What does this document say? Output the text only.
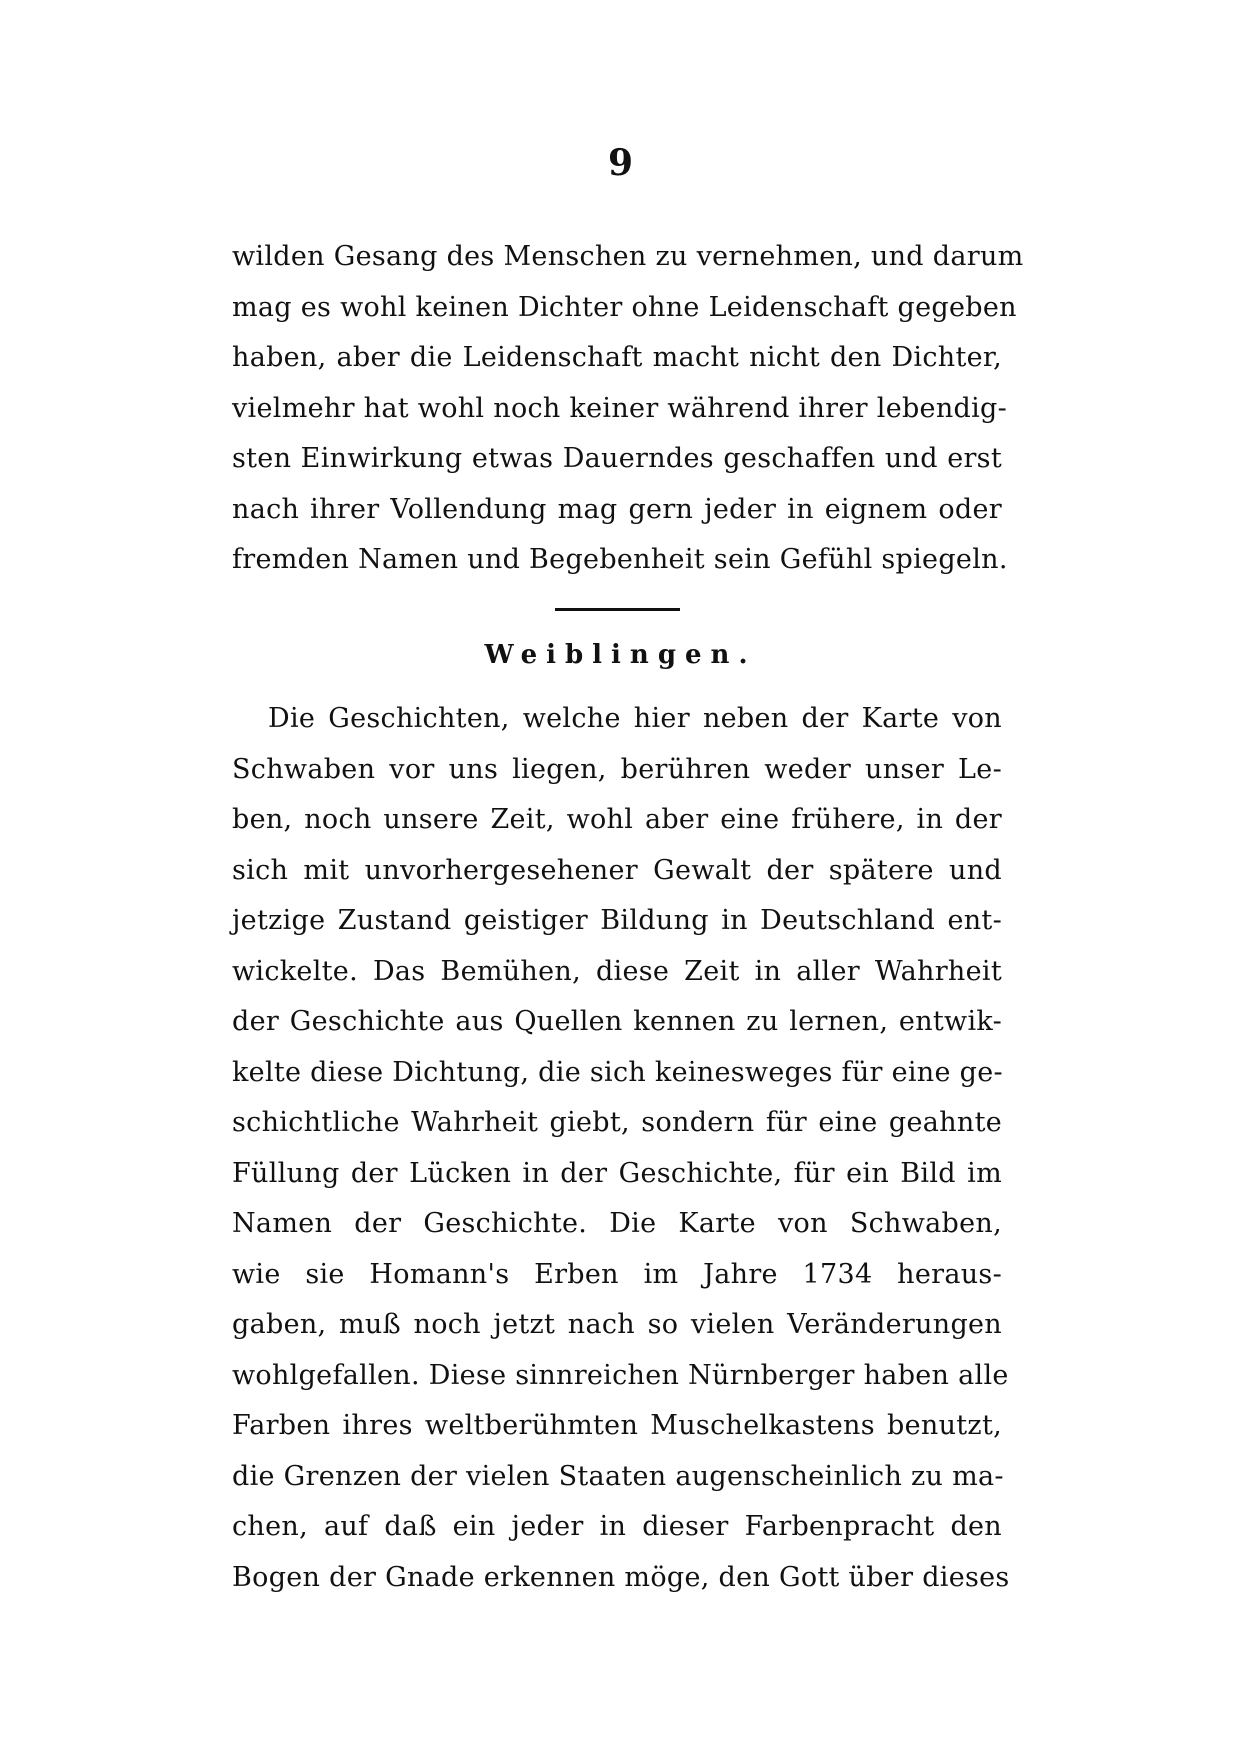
9
wilden Gesang des Menschen zu vernehmen, und darum
mag es wohl keinen Dichter ohne Leidenschaft gegeben
haben, aber die Leidenschaft macht nicht den Dichter,
vielmehr hat wohl noch keiner während ihrer lebendig-
sten Einwirkung etwas Dauerndes geschaffen und erst
nach ihrer Vollendung mag gern jeder in eignem oder
fremden Namen und Begebenheit sein Gefühl spiegeln.
Weiblingen.
Die Geschichten, welche hier neben der Karte von
Schwaben vor uns liegen, berühren weder unser Le-
ben, noch unsere Zeit, wohl aber eine frühere, in der
sich mit unvorhergesehener Gewalt der spätere und
jetzige Zustand geistiger Bildung in Deutschland ent-
wickelte. Das Bemühen, diese Zeit in aller Wahrheit
der Geschichte aus Quellen kennen zu lernen, entwik-
kelte diese Dichtung, die sich keinesweges für eine ge-
schichtliche Wahrheit giebt, sondern für eine geahnte
Füllung der Lücken in der Geschichte, für ein Bild im
Namen der Geschichte. Die Karte von Schwaben,
wie sie Homann's Erben im Jahre 1734 heraus-
gaben, muß noch jetzt nach so vielen Veränderungen
wohlgefallen. Diese sinnreichen Nürnberger haben alle
Farben ihres weltberühmten Muschelkastens benutzt,
die Grenzen der vielen Staaten augenscheinlich zu ma-
chen, auf daß ein jeder in dieser Farbenpracht den
Bogen der Gnade erkennen möge, den Gott über dieses
